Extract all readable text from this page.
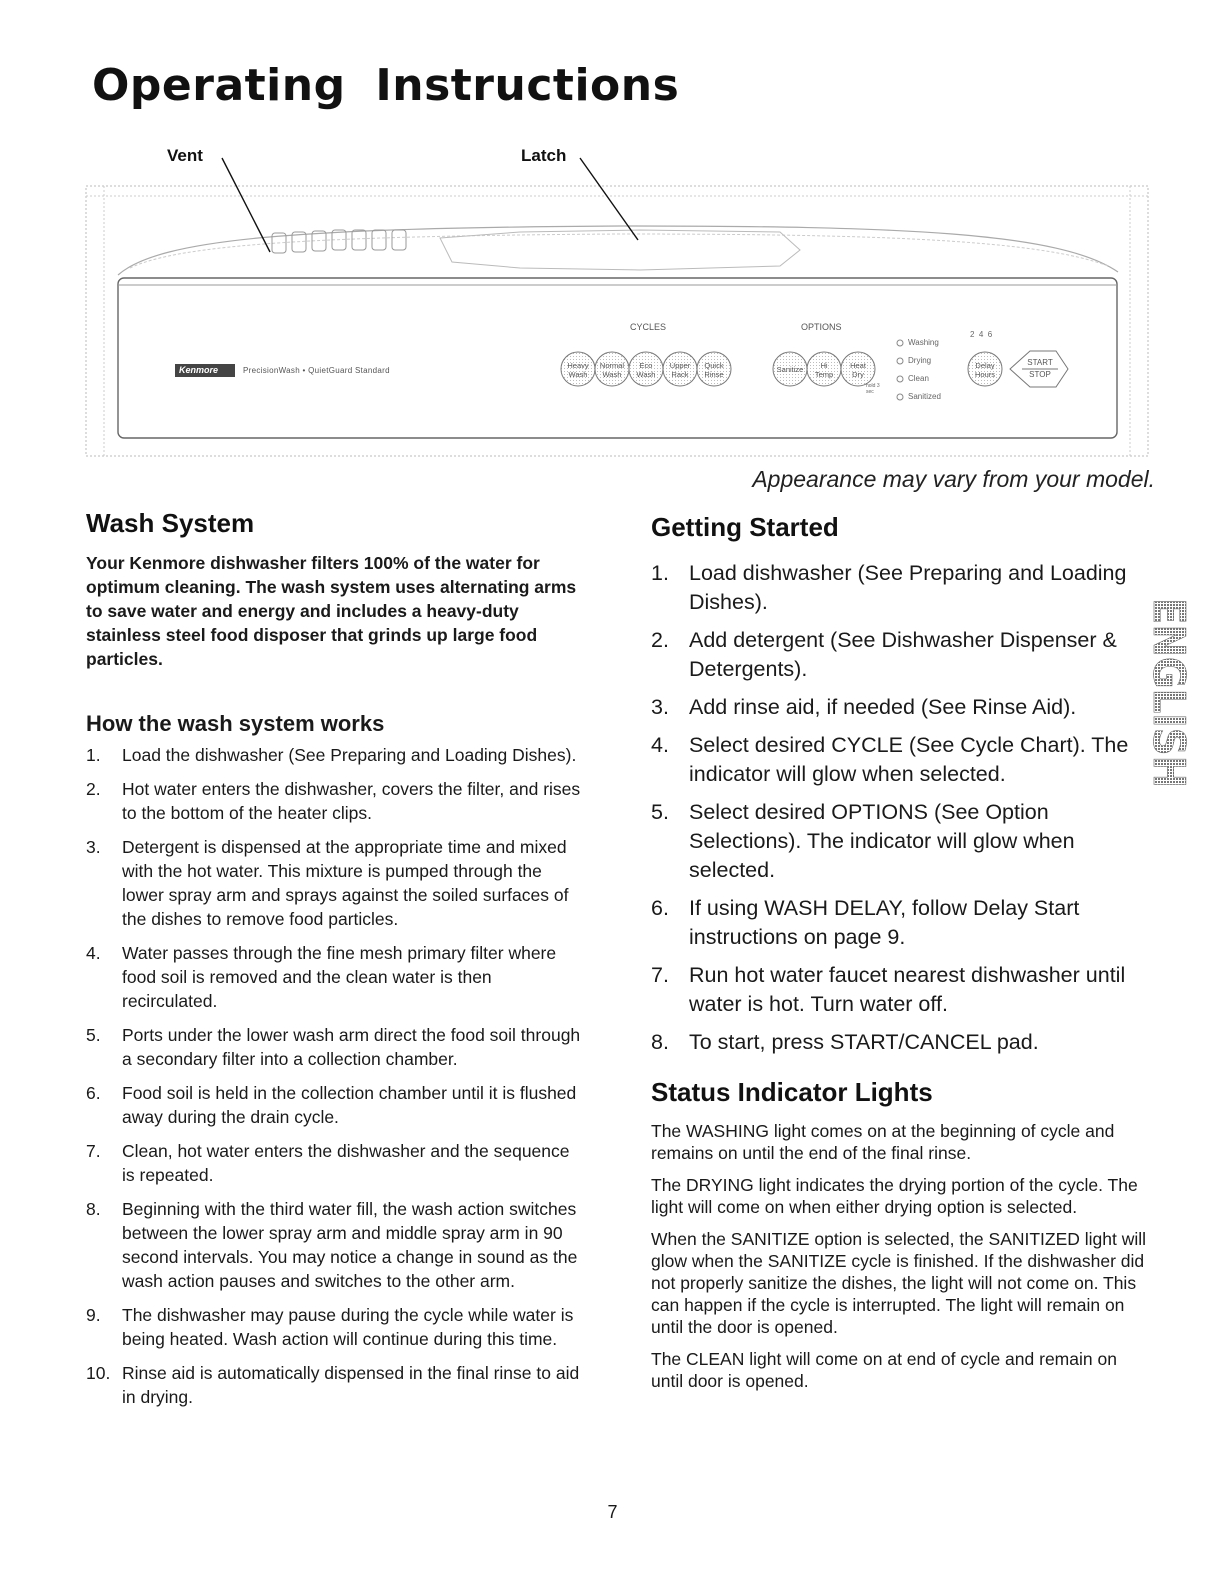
Operating Instructions
Vent	Latch
Kenmore	PrecisionWash • QuietGuard Standard
CYCLES	OPTIONS
Heavy
Wash
Normal
Wash
Eco
Wash
Upper
Rack
Quick
Rinse
Sanitize	Hi
Temp
Heat
Dry
hold 3 sec
Washing
Drying
Clean
Sanitized
2  4  6
Delay
Hours
START
STOP

Appearance may vary from your model.

Wash System

Your Kenmore dishwasher filters 100% of the water for optimum cleaning. The wash system uses alternating arms to save water and energy and includes a heavy-duty stainless steel food disposer that grinds up large food particles.

How the wash system works
1. Load the dishwasher (See Preparing and Loading Dishes).
2. Hot water enters the dishwasher, covers the filter, and rises to the bottom of the heater clips.
3. Detergent is dispensed at the appropriate time and mixed with the hot water. This mixture is pumped through the lower spray arm and sprays against the soiled surfaces of the dishes to remove food particles.
4. Water passes through the fine mesh primary filter where food soil is removed and the clean water is then recirculated.
5. Ports under the lower wash arm direct the food soil through a secondary filter into a collection chamber.
6. Food soil is held in the collection chamber until it is flushed away during the drain cycle.
7. Clean, hot water enters the dishwasher and the sequence is repeated.
8. Beginning with the third water fill, the wash action switches between the lower spray arm and middle spray arm in 90 second intervals. You may notice a change in sound as the wash action pauses and switches to the other arm.
9. The dishwasher may pause during the cycle while water is being heated. Wash action will continue during this time.
10. Rinse aid is automatically dispensed in the final rinse to aid in drying.
Getting Started
1. Load dishwasher (See Preparing and Loading Dishes).
2. Add detergent (See Dishwasher Dispenser & Detergents).
3. Add rinse aid, if needed (See Rinse Aid).
4. Select desired CYCLE (See Cycle Chart). The indicator will glow when selected.
5. Select desired OPTIONS (See Option Selections). The indicator will glow when selected.
6. If using WASH DELAY, follow Delay Start instructions on page 9.
7. Run hot water faucet nearest dishwasher until water is hot. Turn water off.
8. To start, press START/CANCEL pad.
Status Indicator Lights

The WASHING light comes on at the beginning of cycle and remains on until the end of the final rinse.

The DRYING light indicates the drying portion of the cycle. The light will come on when either drying option is selected.

When the SANITIZE option is selected, the SANITIZED light will glow when the SANITIZE cycle is finished. If the dishwasher did not properly sanitize the dishes, the light will not come on. This can happen if the cycle is interrupted. The light will remain on until the door is opened.

The CLEAN light will come on at end of cycle and remain on until door is opened.

ENGLISH
7
